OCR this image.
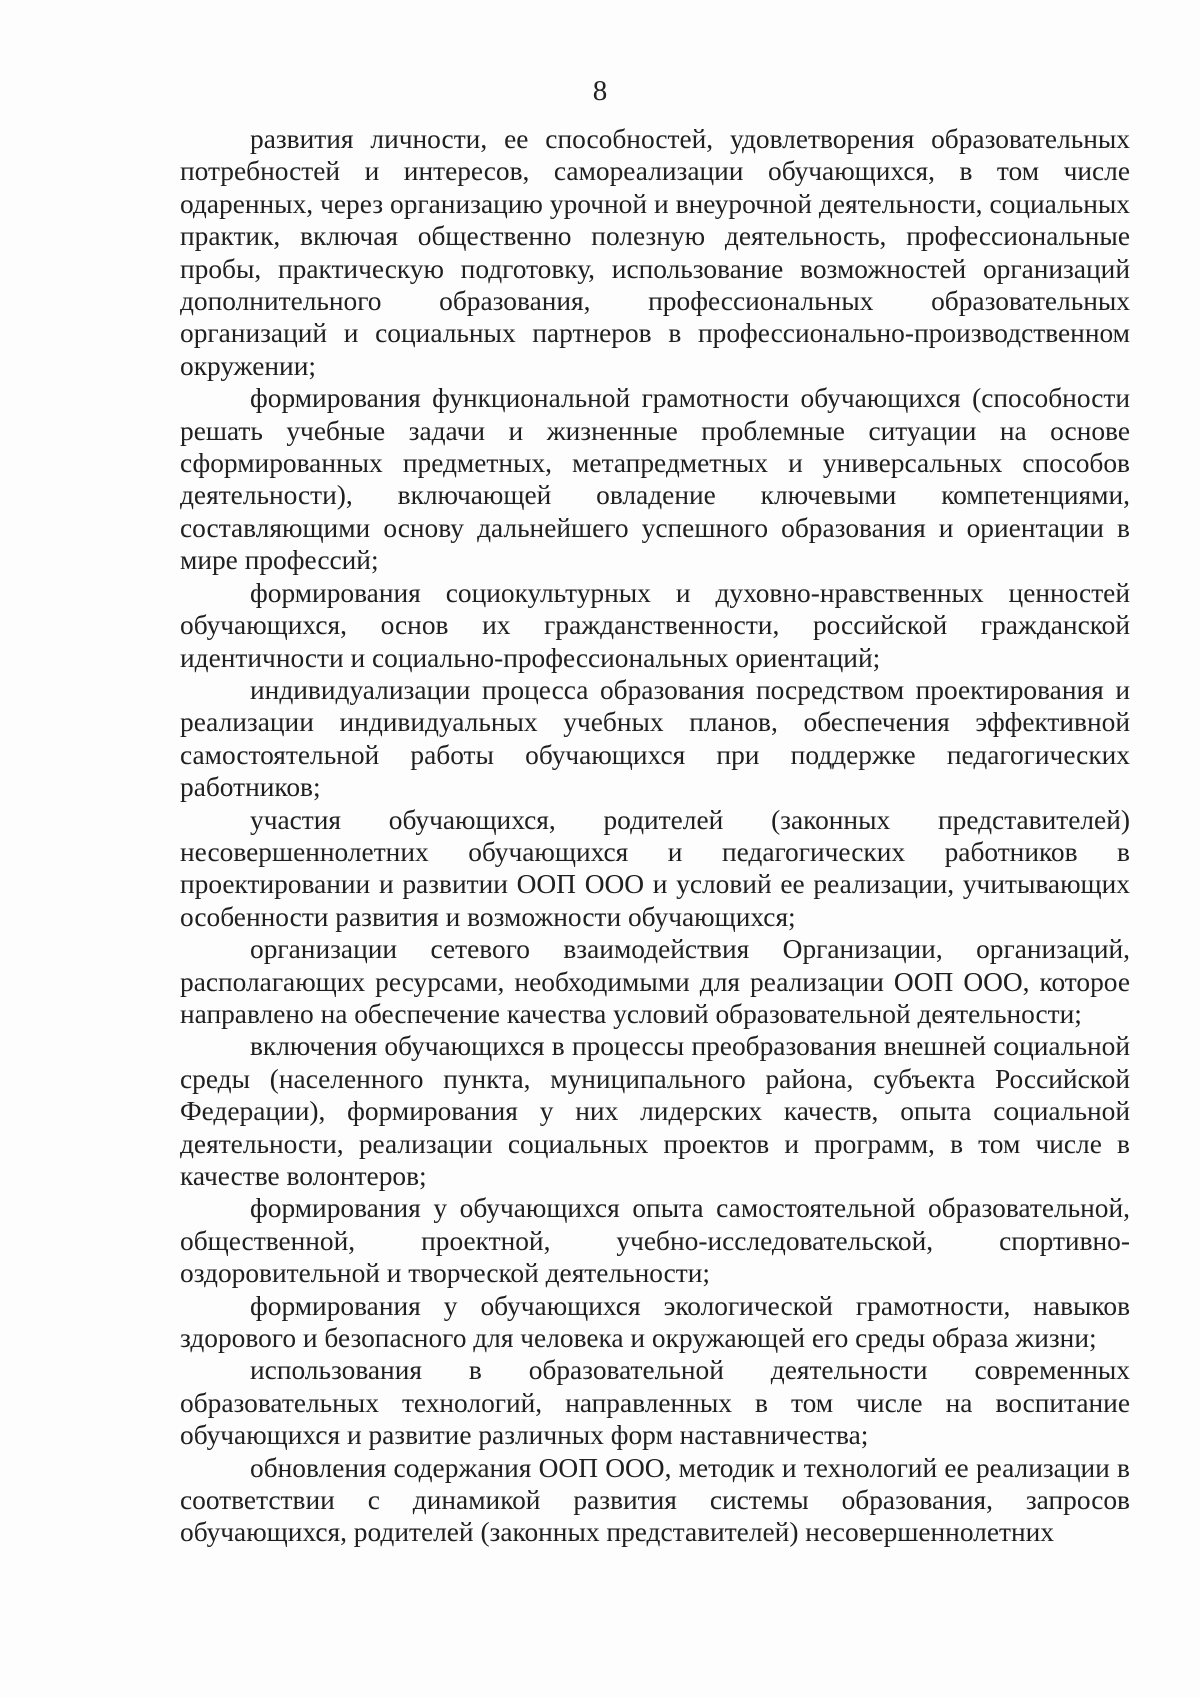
8

развития личности, ее способностей, удовлетворения образовательных потребностей и интересов, самореализации обучающихся, в том числе одаренных, через организацию урочной и внеурочной деятельности, социальных практик, включая общественно полезную деятельность, профессиональные пробы, практическую подготовку, использование возможностей организаций дополнительного образования, профессиональных образовательных организаций и социальных партнеров в профессионально-производственном окружении;

формирования функциональной грамотности обучающихся (способности решать учебные задачи и жизненные проблемные ситуации на основе сформированных предметных, метапредметных и универсальных способов деятельности), включающей овладение ключевыми компетенциями, составляющими основу дальнейшего успешного образования и ориентации в мире профессий;

формирования социокультурных и духовно-нравственных ценностей обучающихся, основ их гражданственности, российской гражданской идентичности и социально-профессиональных ориентаций;

индивидуализации процесса образования посредством проектирования и реализации индивидуальных учебных планов, обеспечения эффективной самостоятельной работы обучающихся при поддержке педагогических работников;

участия обучающихся, родителей (законных представителей) несовершеннолетних обучающихся и педагогических работников в проектировании и развитии ООП ООО и условий ее реализации, учитывающих особенности развития и возможности обучающихся;

организации сетевого взаимодействия Организации, организаций, располагающих ресурсами, необходимыми для реализации ООП ООО, которое направлено на обеспечение качества условий образовательной деятельности;

включения обучающихся в процессы преобразования внешней социальной среды (населенного пункта, муниципального района, субъекта Российской Федерации), формирования у них лидерских качеств, опыта социальной деятельности, реализации социальных проектов и программ, в том числе в качестве волонтеров;

формирования у обучающихся опыта самостоятельной образовательной, общественной, проектной, учебно-исследовательской, спортивно-оздоровительной и творческой деятельности;

формирования у обучающихся экологической грамотности, навыков здорового и безопасного для человека и окружающей его среды образа жизни;

использования в образовательной деятельности современных образовательных технологий, направленных в том числе на воспитание обучающихся и развитие различных форм наставничества;

обновления содержания ООП ООО, методик и технологий ее реализации в соответствии с динамикой развития системы образования, запросов обучающихся, родителей (законных представителей) несовершеннолетних
